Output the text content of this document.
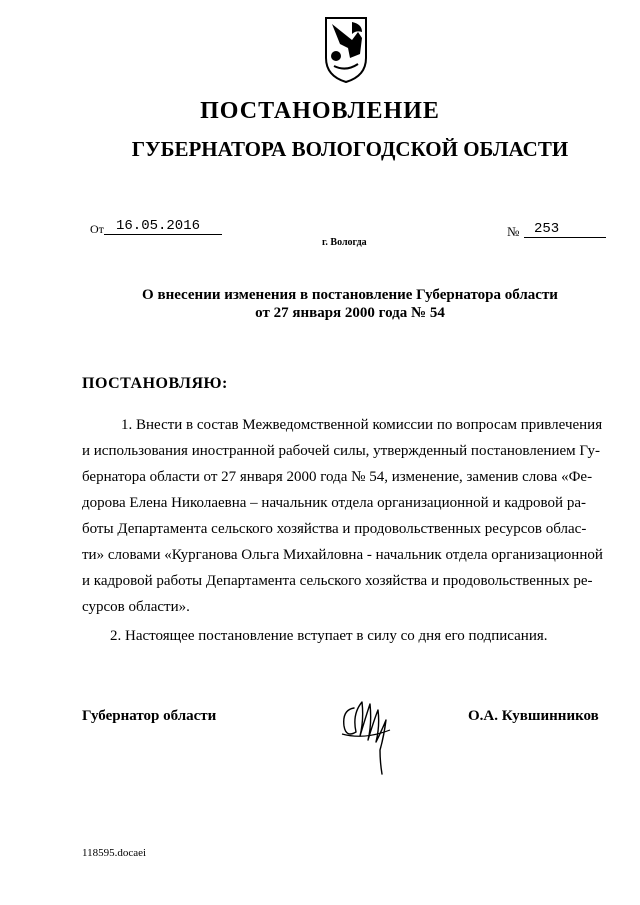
ПОСТАНОВЛЕНИЕ
ГУБЕРНАТОРА ВОЛОГОДСКОЙ ОБЛАСТИ
От 16.05.2016
г. Вологда
№ 253
О внесении изменения в постановление Губернатора области
от 27 января 2000 года № 54
ПОСТАНОВЛЯЮ:
1. Внести в состав Межведомственной комиссии по вопросам привлечения
и использования иностранной рабочей силы, утвержденный постановлением Гу-
бернатора области от 27 января 2000 года № 54, изменение, заменив слова «Фе-
дорова Елена Николаевна – начальник отдела организационной и кадровой ра-
боты Департамента сельского хозяйства и продовольственных ресурсов облас-
ти» словами «Курганова Ольга Михайловна - начальник отдела организационной
и кадровой работы Департамента сельского хозяйства и продовольственных ре-
сурсов области».
2. Настоящее постановление вступает в силу со дня его подписания.
Губернатор области	О.А. Кувшинников
118595.docaei
